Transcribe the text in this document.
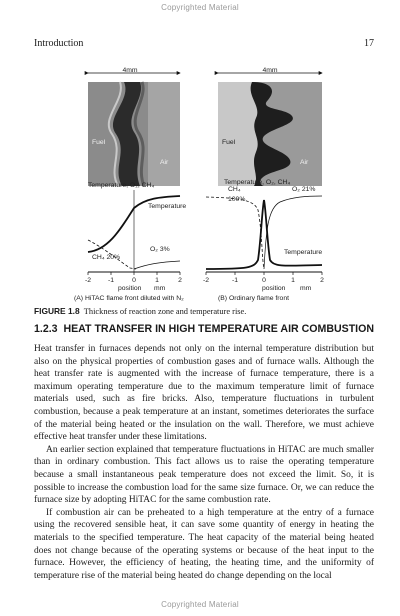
Copyrighted Material
Introduction	17
4mm
Fuel
Air
Temperature, O₂, CH₄
Temperature
O₂ 3%
CH₄ 20%
-2 -1	0	1	2
position mm
(A) HiTAC flame front diluted with N₂
4mm
Fuel
Air
Temperature, O₂, CH₄
CH₄
100%
O₂ 21%
Temperature
-2	-1	0	1	2
position mm
(B) Ordinary flame front
FIGURE 1.8 Thickness of reaction zone and temperature rise.
1.2.3 HEAT TRANSFER IN HIGH TEMPERATURE AIR COMBUSTION

Heat transfer in furnaces depends not only on the internal temperature distribution but also on the physical properties of combustion gases and of furnace walls. Although the heat transfer rate is augmented with the increase of furnace temperature, there is a maximum operating temperature due to the maximum temperature limit of furnace materials used, such as fire bricks. Also, temperature fluctuations in turbulent combustion, because a peak temperature at an instant, sometimes deteriorates the surface of the material being heated or the insulation on the wall. Therefore, we must achieve effective heat transfer under these limitations.

An earlier section explained that temperature fluctuations in HiTAC are much smaller than in ordinary combustion. This fact allows us to raise the operating temperature because a small instantaneous peak temperature does not exceed the limit. So, it is possible to increase the combustion load for the same size furnace. Or, we can reduce the furnace size by adopting HiTAC for the same combustion rate.

If combustion air can be preheated to a high temperature at the entry of a furnace using the recovered sensible heat, it can save some quantity of energy in heating the materials to the specified temperature. The heat capacity of the material being heated does not change because of the operating systems or because of the heat input to the furnace. However, the efficiency of heating, the heating time, and the uniformity of temperature rise of the material being heated do change depending on the local

Copyrighted Material
